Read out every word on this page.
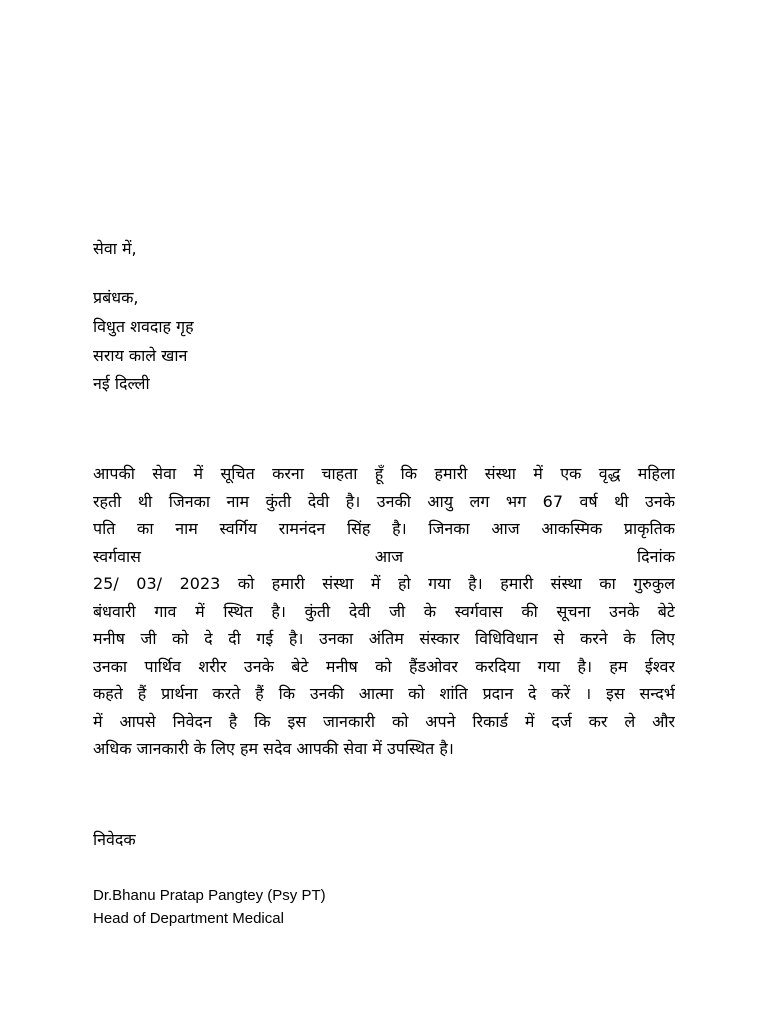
सेवा में,
प्रबंधक,
विधुत शवदाह गृह
सराय काले खान
नई दिल्ली
आपकी सेवा में सूचित करना चाहता हूँ कि हमारी संस्था में एक वृद्ध महिला
रहती थी जिनका नाम कुंती देवी है। उनकी आयु लग भग 67 वर्ष थी उनके
पति का नाम स्वर्गिय रामनंदन सिंह है। जिनका आज आकस्मिक प्राकृतिक
स्वर्गवास	आज	दिनांक
25/ 03/ 2023 को हमारी संस्था में हो गया है। हमारी संस्था का गुरुकुल
बंधवारी गाव में स्थित है। कुंती देवी जी के स्वर्गवास की सूचना उनके बेटे
मनीष जी को दे दी गई है। उनका अंतिम संस्कार विधिविधान से करने के लिए
उनका पार्थिव शरीर उनके बेटे मनीष को हैंडओवर करदिया गया है। हम ईश्वर
कहते हैं प्रार्थना करते हैं कि उनकी आत्मा को शांति प्रदान दे करें । इस सन्दर्भ
में आपसे निवेदन है कि इस जानकारी को अपने रिकार्ड में दर्ज कर ले और
अधिक जानकारी के लिए हम सदेव आपकी सेवा में उपस्थित है।
निवेदक
Dr.Bhanu Pratap Pangtey (Psy PT)
Head of Department Medical
